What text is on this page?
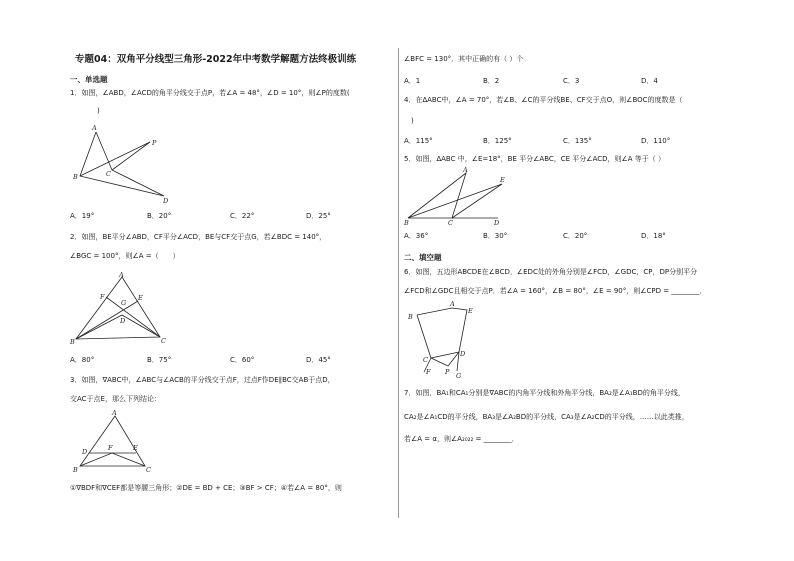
专题04：双角平分线型三角形-2022年中考数学解题方法终极训练
一、单选题
1．如图，∠ABD，∠ACD的角平分线交于点P，若∠A = 48°，∠D = 10°，则∠P的度数(
)
A
P
B	C
D
A．19°	B．20°	C．22°	D．25°
2．如图，BE平分∠ABD，CF平分∠ACD，BE与CF交于点G，若∠BDC = 140°，
∠BGC = 100°，则∠A =（　　）
A
F
G
E
D
B	C
A．80°	B．75°	C．60°	D．45°
3．如图，∇ABC中，∠ABC与∠ACB的平分线交于点F，过点F作DE∥BC交AB于点D，
交AC于点E，那么下列结论：
A
D	F	E
B	C
①∇BDF和∇CEF都是等腰三角形；②DE = BD + CE；③BF > CF；④若∠A = 80°，则
∠BFC = 130°．其中正确的有（ ）个
A．1	B．2	C．3	D．4
4．在∆ABC中，∠A = 70°，若∠B、∠C的平分线BE、CF交于点O，则∠BOC的度数是（
)
A．115°	B．125°	C．135°	D．110°
5．如图，∆ABC 中，∠E=18°，BE 平分∠ABC，CE 平分∠ACD，则∠A 等于（ ）
A
E
B	C	D
A．36°	B．30°	C．20°	D．18°
二、填空题
6．如图，五边形ABCDE在∠BCD，∠EDC处的外角分别是∠FCD，∠GDC，CP，DP分别平分
∠FCD和∠GDC且相交于点P．若∠A = 160°，∠B = 80°，∠E = 90°，则∠CPD = ________．
A
E
B
C
D
F P G
7．如图，BA₁和CA₁分别是∇ABC的内角平分线和外角平分线，BA₂是∠A₁BD的角平分线，
CA₂是∠A₁CD的平分线，BA₃是∠A₂BD的平分线，CA₃是∠A₂CD的平分线，……以此类推，
若∠A = α，则∠A₂₀₂₂ = ________．
